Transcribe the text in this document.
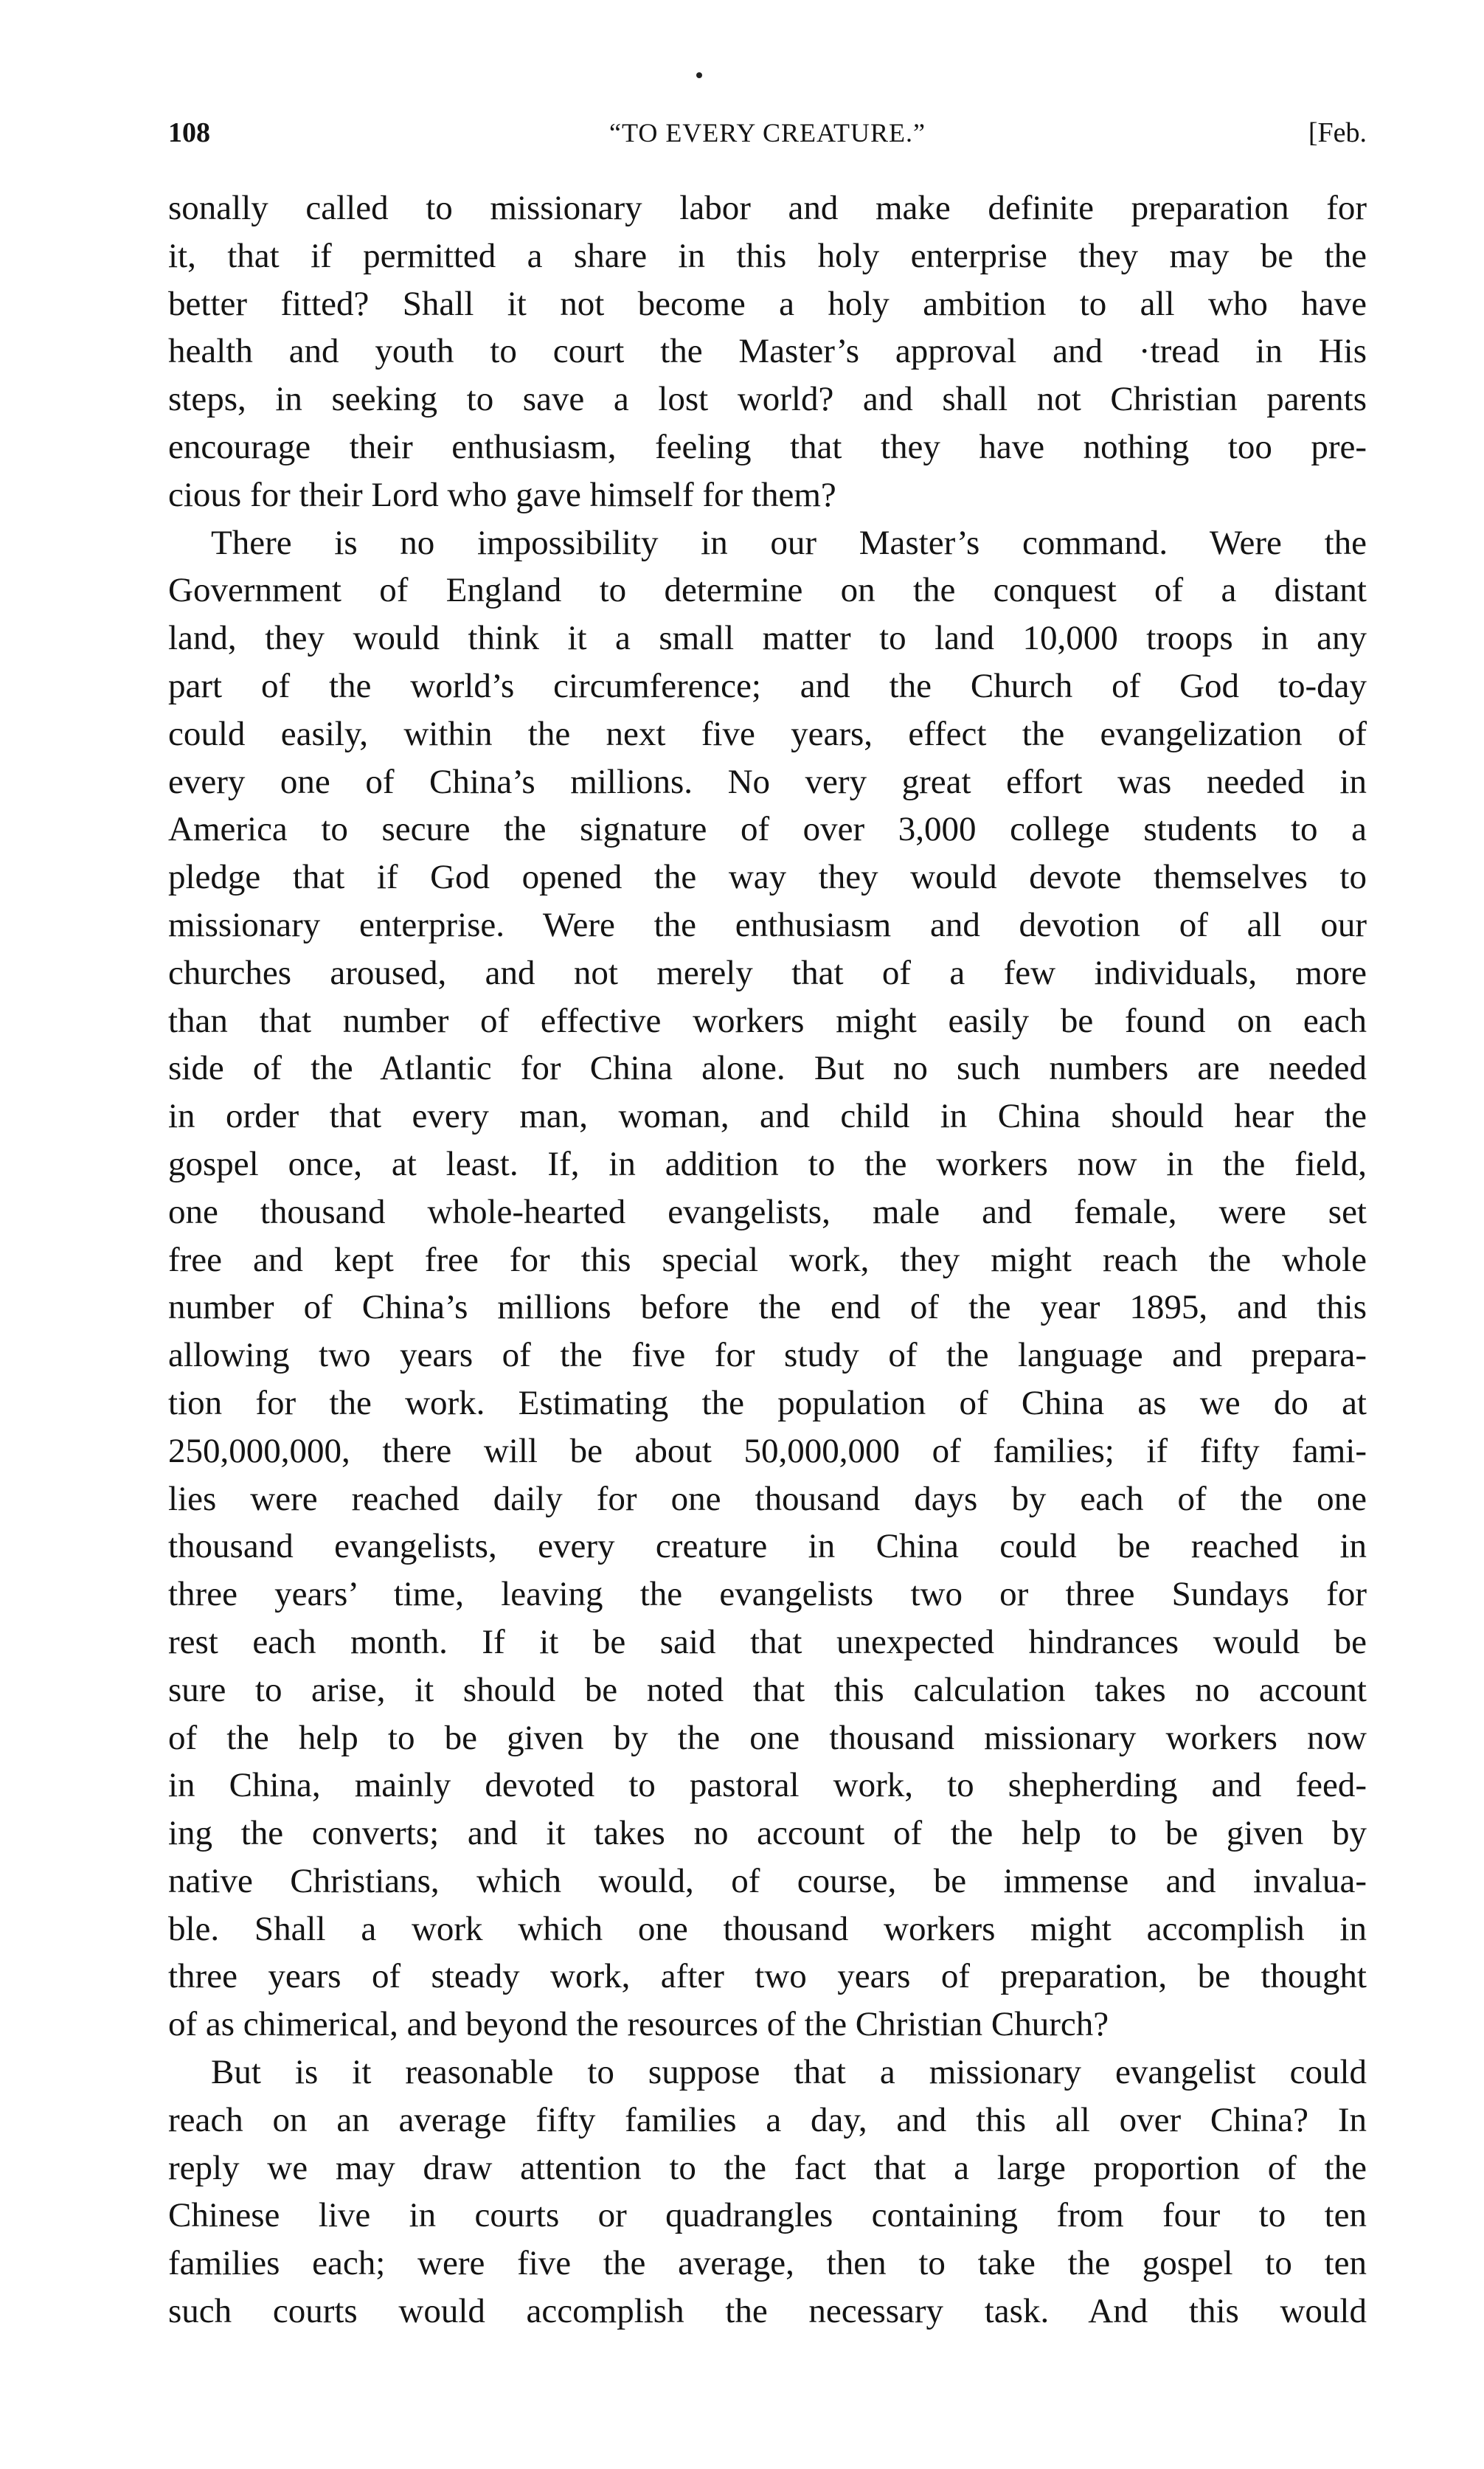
108	“TO EVERY CREATURE.”	[Feb.
sonally called to missionary labor and make definite preparation for
it, that if permitted a share in this holy enterprise they may be the
better fitted? Shall it not become a holy ambition to all who have
health and youth to court the Master’s approval and ·tread in His
steps, in seeking to save a lost world? and shall not Christian parents
encourage their enthusiasm, feeling that they have nothing too pre-
cious for their Lord who gave himself for them?
There is no impossibility in our Master’s command. Were the
Government of England to determine on the conquest of a distant
land, they would think it a small matter to land 10,000 troops in any
part of the world’s circumference; and the Church of God to-day
could easily, within the next five years, effect the evangelization of
every one of China’s millions. No very great effort was needed in
America to secure the signature of over 3,000 college students to a
pledge that if God opened the way they would devote themselves to
missionary enterprise. Were the enthusiasm and devotion of all our
churches aroused, and not merely that of a few individuals, more
than that number of effective workers might easily be found on each
side of the Atlantic for China alone. But no such numbers are needed
in order that every man, woman, and child in China should hear the
gospel once, at least. If, in addition to the workers now in the field,
one thousand whole-hearted evangelists, male and female, were set
free and kept free for this special work, they might reach the whole
number of China’s millions before the end of the year 1895, and this
allowing two years of the five for study of the language and prepara-
tion for the work. Estimating the population of China as we do at
250,000,000, there will be about 50,000,000 of families; if fifty fami-
lies were reached daily for one thousand days by each of the one
thousand evangelists, every creature in China could be reached in
three years’ time, leaving the evangelists two or three Sundays for
rest each month. If it be said that unexpected hindrances would be
sure to arise, it should be noted that this calculation takes no account
of the help to be given by the one thousand missionary workers now
in China, mainly devoted to pastoral work, to shepherding and feed-
ing the converts; and it takes no account of the help to be given by
native Christians, which would, of course, be immense and invalua-
ble. Shall a work which one thousand workers might accomplish in
three years of steady work, after two years of preparation, be thought
of as chimerical, and beyond the resources of the Christian Church?
But is it reasonable to suppose that a missionary evangelist could
reach on an average fifty families a day, and this all over China? In
reply we may draw attention to the fact that a large proportion of the
Chinese live in courts or quadrangles containing from four to ten
families each; were five the average, then to take the gospel to ten
such courts would accomplish the necessary task. And this would
